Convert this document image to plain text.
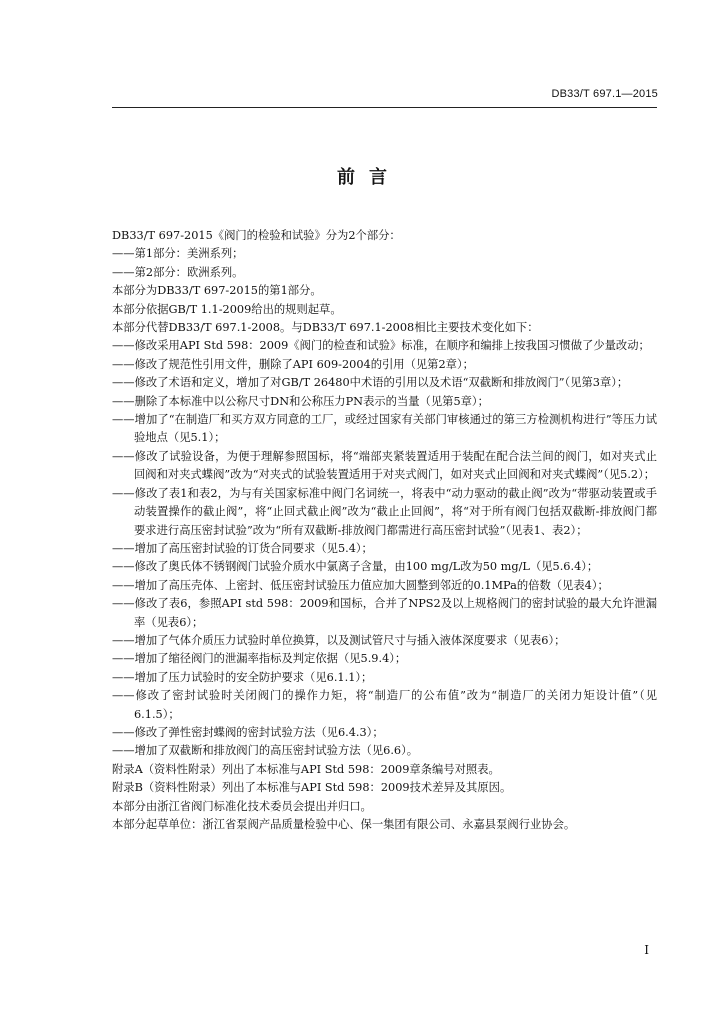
DB33/T 697.1—2015
前言
DB33/T 697-2015《阀门的检验和试验》分为2个部分：
——第1部分：美洲系列；
——第2部分：欧洲系列。
本部分为DB33/T 697-2015的第1部分。
本部分依据GB/T 1.1-2009给出的规则起草。
本部分代替DB33/T 697.1-2008。与DB33/T 697.1-2008相比主要技术变化如下：
——修改采用API Std 598：2009《阀门的检查和试验》标准，在顺序和编排上按我国习惯做了少量改动；
——修改了规范性引用文件，删除了API 609-2004的引用（见第2章）；
——修改了术语和定义，增加了对GB/T 26480中术语的引用以及术语“双截断和排放阀门”（见第3章）；
——删除了本标准中以公称尺寸DN和公称压力PN表示的当量（见第5章）；
——增加了“在制造厂和买方双方同意的工厂，或经过国家有关部门审核通过的第三方检测机构进行”等压力试验地点（见5.1）；
——修改了试验设备，为便于理解参照国标，将“端部夹紧装置适用于装配在配合法兰间的阀门，如对夹式止回阀和对夹式蝶阀”改为“对夹式的试验装置适用于对夹式阀门，如对夹式止回阀和对夹式蝶阀”（见5.2）；
——修改了表1和表2，为与有关国家标准中阀门名词统一，将表中“动力驱动的截止阀”改为“带驱动装置或手动装置操作的截止阀”，将“止回式截止阀”改为“截止止回阀”，将“对于所有阀门包括双截断-排放阀门都要求进行高压密封试验”改为“所有双截断-排放阀门都需进行高压密封试验”（见表1、表2）；
——增加了高压密封试验的订货合同要求（见5.4）；
——修改了奥氏体不锈钢阀门试验介质水中氯离子含量，由100 mg/L改为50 mg/L（见5.6.4）；
——增加了高压壳体、上密封、低压密封试验压力值应加大圆整到邻近的0.1MPa的倍数（见表4）；
——修改了表6，参照API std 598：2009和国标，合并了NPS2及以上规格阀门的密封试验的最大允许泄漏率（见表6）；
——增加了气体介质压力试验时单位换算，以及测试管尺寸与插入液体深度要求（见表6）；
——增加了缩径阀门的泄漏率指标及判定依据（见5.9.4）；
——增加了压力试验时的安全防护要求（见6.1.1）；
——修改了密封试验时关闭阀门的操作力矩，将“制造厂的公布值”改为“制造厂的关闭力矩设计值”（见6.1.5）；
——修改了弹性密封蝶阀的密封试验方法（见6.4.3）；
——增加了双截断和排放阀门的高压密封试验方法（见6.6）。
附录A（资料性附录）列出了本标准与API Std 598：2009章条编号对照表。
附录B（资料性附录）列出了本标准与API Std 598：2009技术差异及其原因。
本部分由浙江省阀门标准化技术委员会提出并归口。
本部分起草单位：浙江省泵阀产品质量检验中心、保一集团有限公司、永嘉县泵阀行业协会。
I
